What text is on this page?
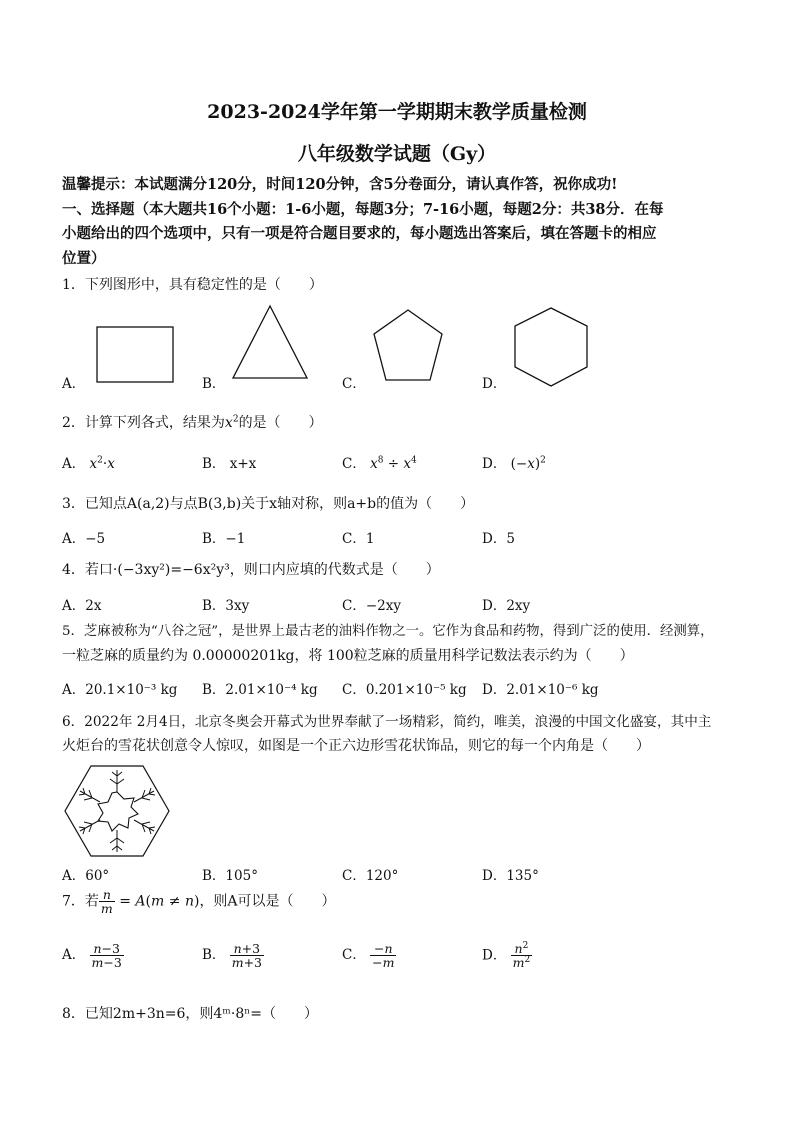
2023-2024学年第一学期期末教学质量检测
八年级数学试题（Gy）
温馨提示：本试题满分120分，时间120分钟，含5分卷面分，请认真作答，祝你成功!
一、选择题（本大题共16个小题：1-6小题，每题3分；7-16小题，每题2分：共38分．在每
小题给出的四个选项中，只有一项是符合题目要求的，每小题选出答案后，填在答题卡的相应
位置）
1．下列图形中，具有稳定性的是（　　）
A．	B．	C．	D．
2．计算下列各式，结果为$x^2$的是（　　）
A． $x^2\cdot x$	B． x+x	C． $x^8 \div x^4$	D． $(-x)^2$
3．已知点A(a,2)与点B(3,b)关于x轴对称，则a+b的值为（　　）
A．−5	B．−1	C．1	D．5
4．若口·(−3xy²)=−6x²y³，则口内应填的代数式是（　　）
A．2x	B．3xy	C．−2xy	D．2xy
5．芝麻被称为“八谷之冠”，是世界上最古老的油料作物之一。它作为食品和药物，得到广泛的使用．经测算，
一粒芝麻的质量约为 0.00000201kg，将 100粒芝麻的质量用科学记数法表示约为（　　）
A．20.1×10⁻³ kg B．2.01×10⁻⁴ kg C．0.201×10⁻⁵ kg D．2.01×10⁻⁶ kg
6．2022年 2月4日，北京冬奥会开幕式为世界奉献了一场精彩，简约，唯美，浪漫的中国文化盛宴，其中主
火炬台的雪花状创意令人惊叹，如图是一个正六边形雪花状饰品，则它的每一个内角是（　　）
A．60°	B．105°	C．120°	D．135°
7．若 $\frac{n}{m} = A(m \ne n)$，则A可以是（　　）
A． $\frac{n-3}{m-3}$	B． $\frac{n+3}{m+3}$	C． $\frac{-n}{-m}$	D． $\frac{n^2}{m^2}$
8．已知2m+3n=6，则4ᵐ·8ⁿ=（　　）
